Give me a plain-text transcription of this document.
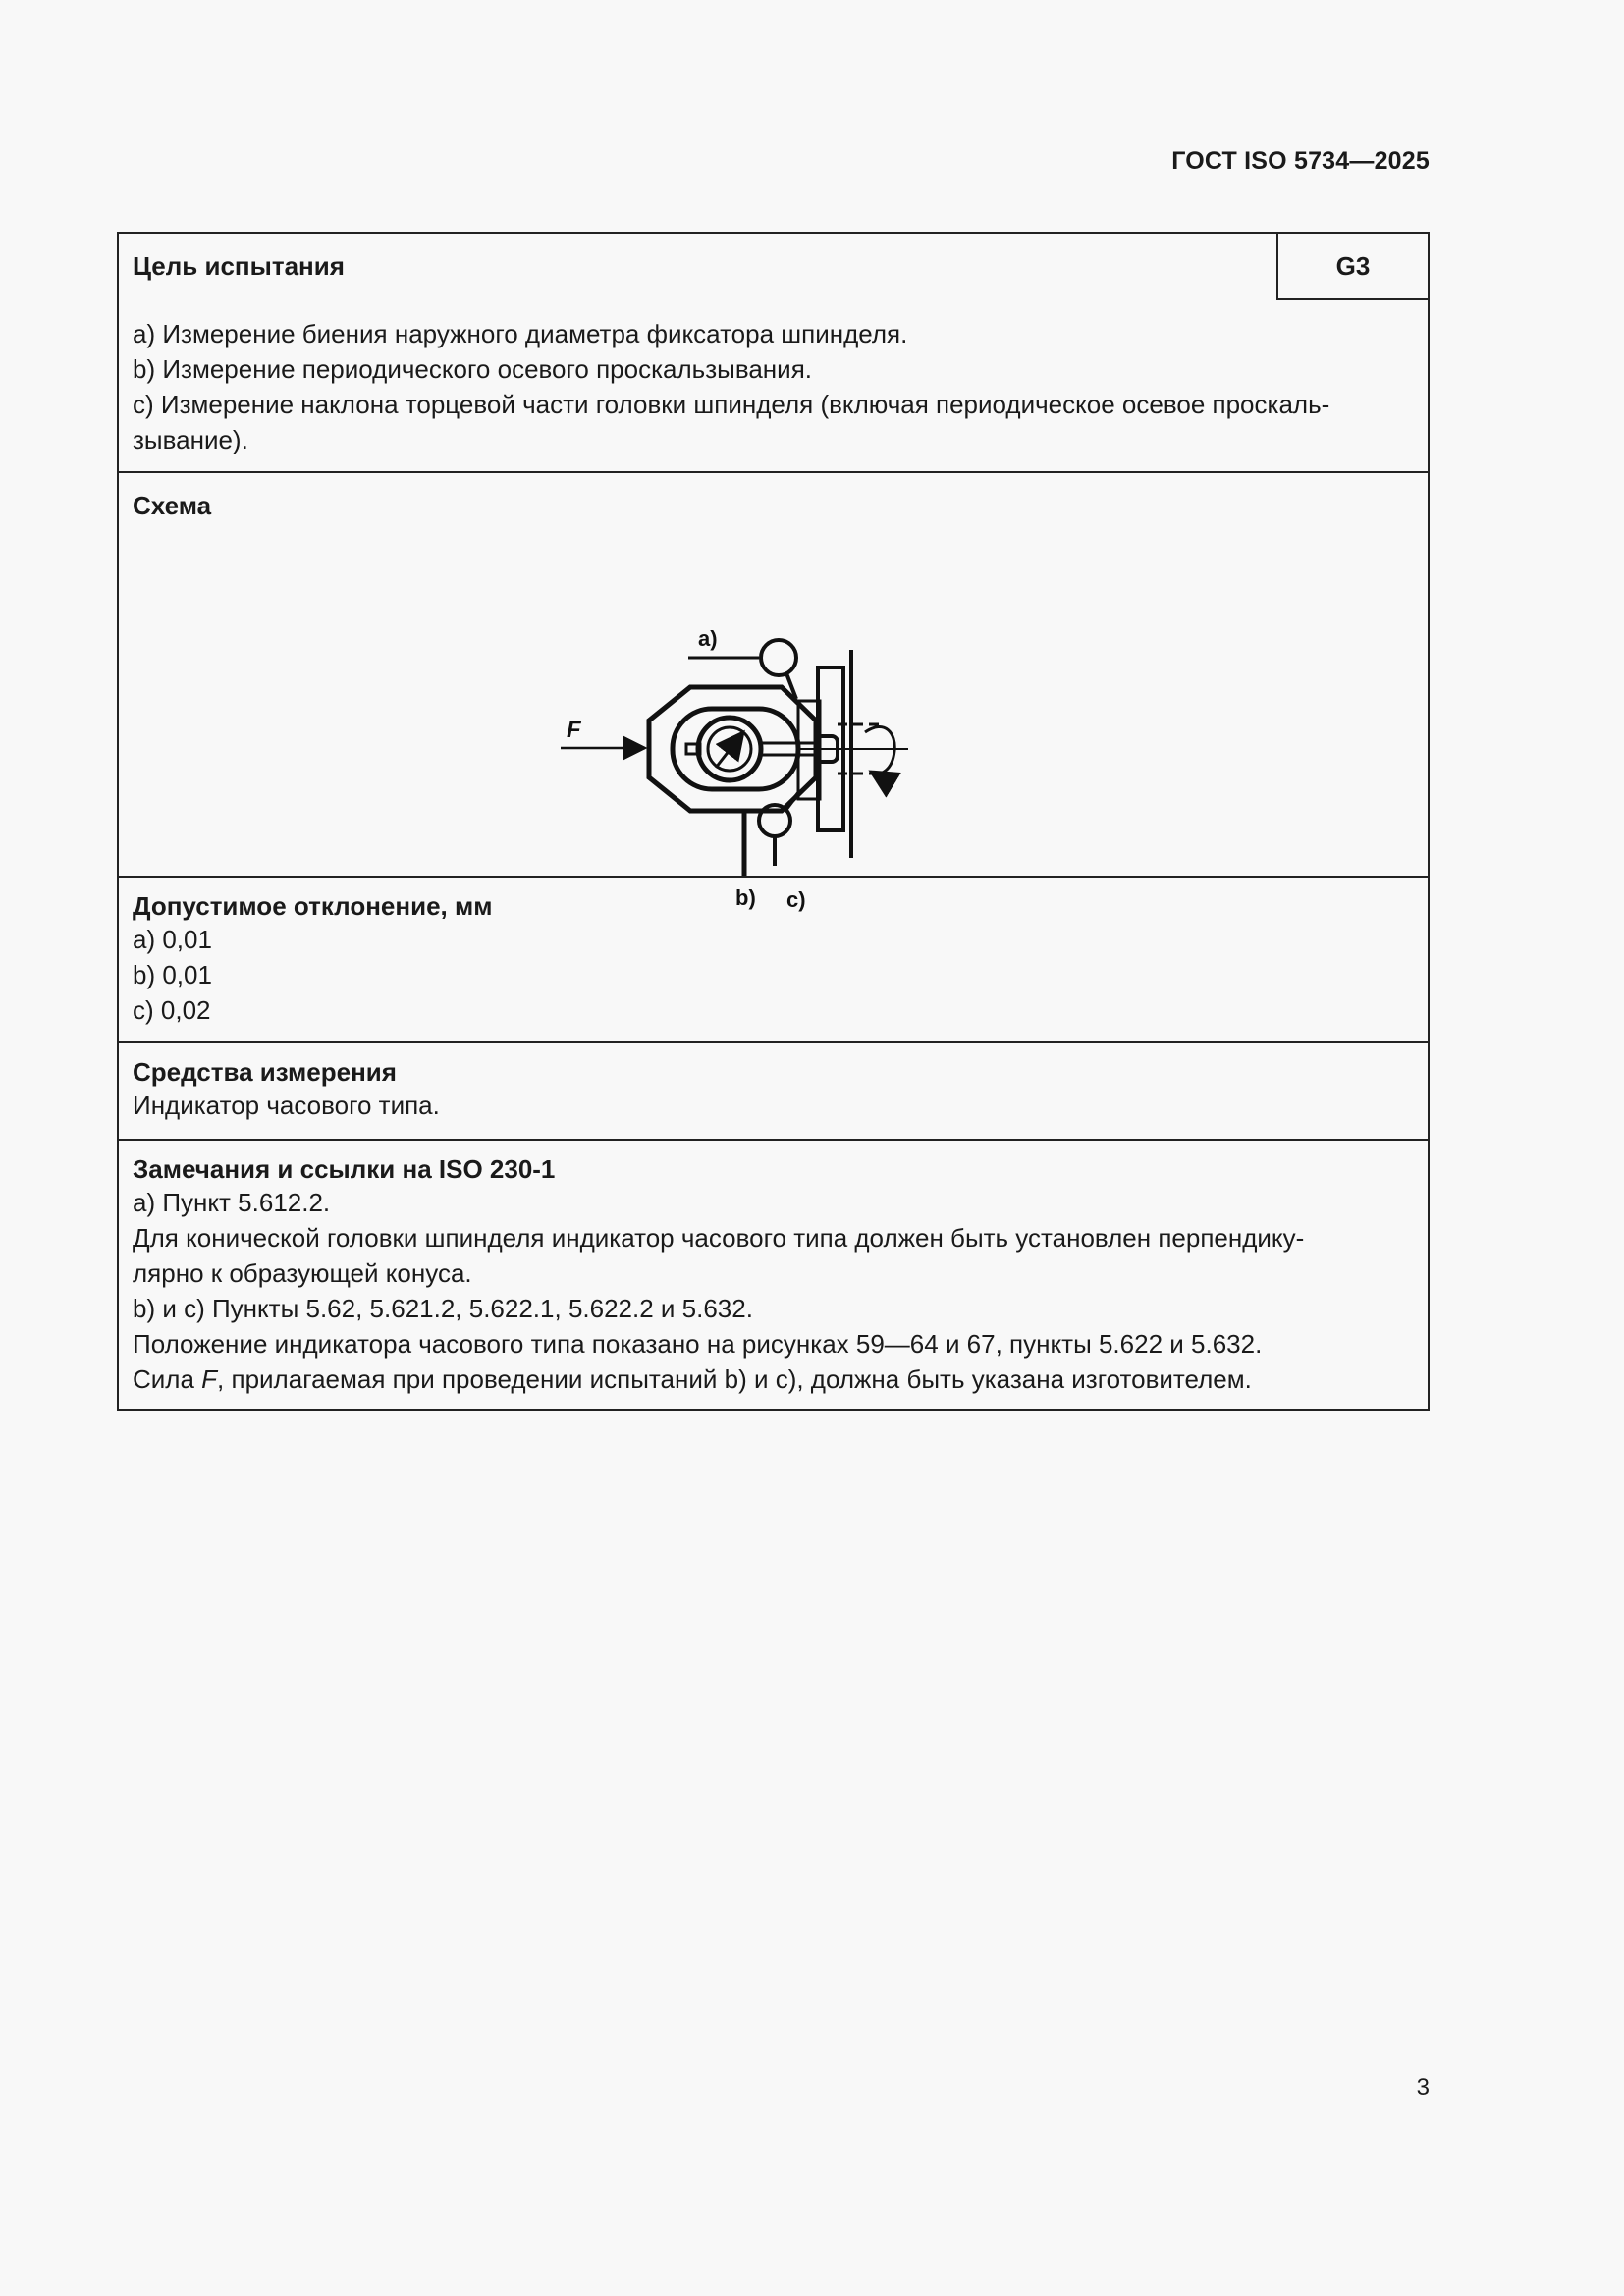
ГОСТ ISO 5734—2025
Цель испытания	G3
a) Измерение биения наружного диаметра фиксатора шпинделя.
b) Измерение периодического осевого проскальзывания.
c) Измерение наклона торцевой части головки шпинделя (включая периодическое осевое проскаль-
зывание).
Схема
F
a)
b) c)
Допустимое отклонение, мм
a) 0,01
b) 0,01
c) 0,02
Средства измерения
Индикатор часового типа.
Замечания и ссылки на ISO 230-1
a) Пункт 5.612.2.
Для конической головки шпинделя индикатор часового типа должен быть установлен перпендику-
лярно к образующей конуса.
b) и c) Пункты 5.62, 5.621.2, 5.622.1, 5.622.2 и 5.632.
Положение индикатора часового типа показано на рисунках 59—64 и 67, пункты 5.622 и 5.632.
Сила F, прилагаемая при проведении испытаний b) и c), должна быть указана изготовителем.
3
